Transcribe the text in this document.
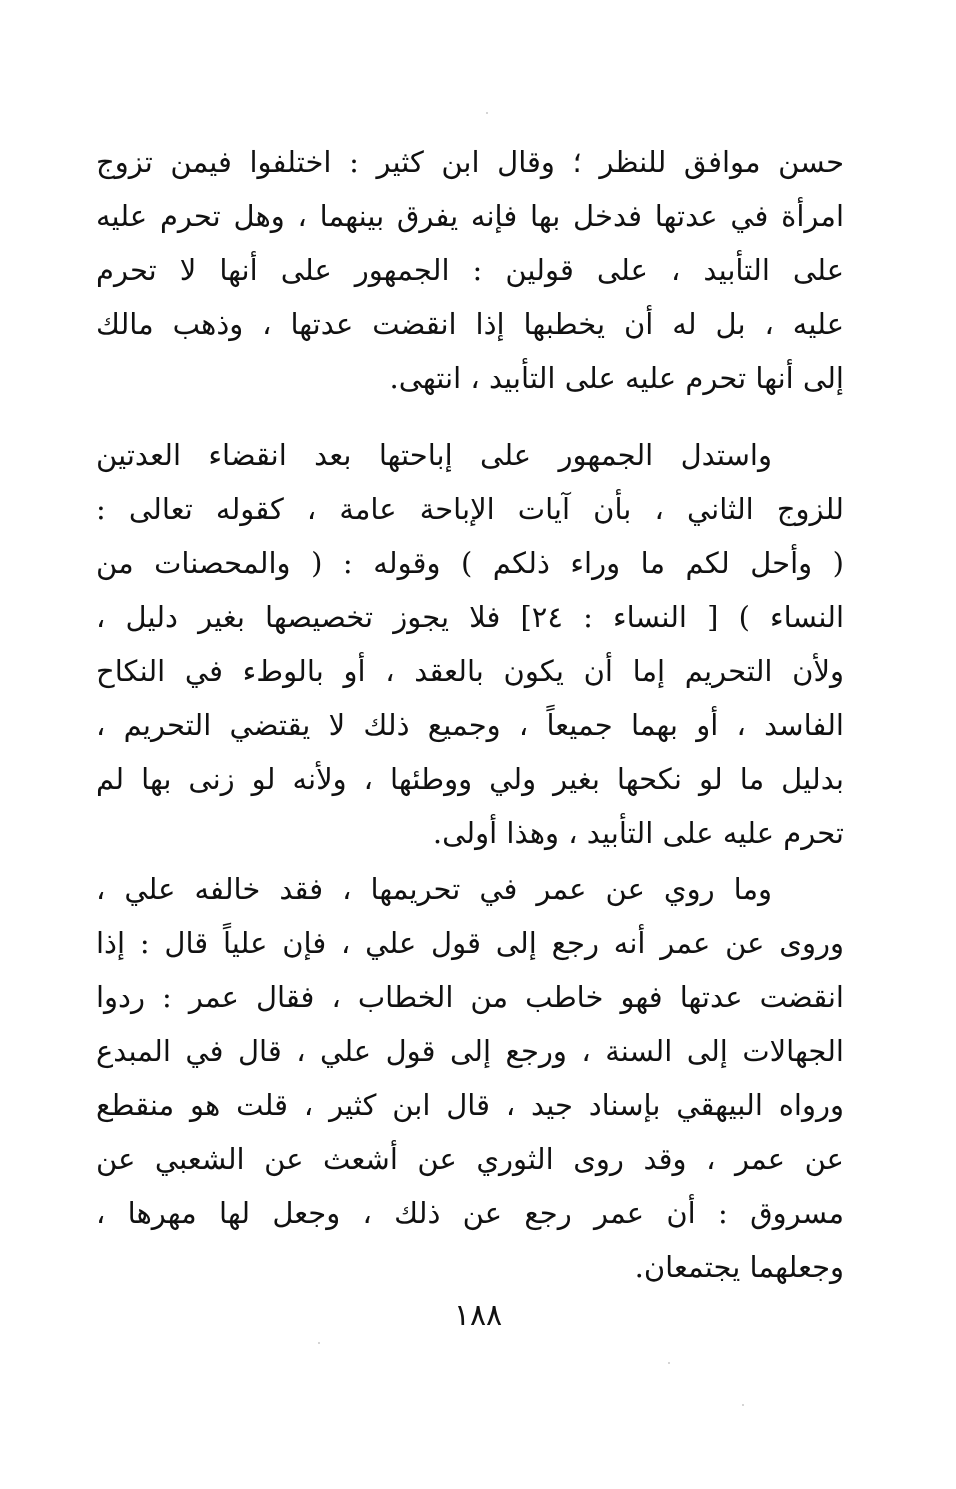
حسن موافق للنظر ؛ وقال ابن كثير : اختلفوا فيمن تزوج
امرأة في عدتها فدخل بها فإنه يفرق بينهما ، وهل تحرم عليه
على التأبيد ، على قولين : الجمهور على أنها لا تحرم
عليه ، بل له أن يخطبها إذا انقضت عدتها ، وذهب مالك
إلى أنها تحرم عليه على التأبيد ، انتهى.
واستدل الجمهور على إباحتها بعد انقضاء العدتين
للزوج الثاني ، بأن آيات الإباحة عامة ، كقوله تعالى :
( وأحل لكم ما وراء ذلكم ) وقوله : ( والمحصنات من
النساء ) [ النساء : ٢٤] فلا يجوز تخصيصها بغير دليل ،
ولأن التحريم إما أن يكون بالعقد ، أو بالوطء في النكاح
الفاسد ، أو بهما جميعاً ، وجميع ذلك لا يقتضي التحريم ،
بدليل ما لو نكحها بغير ولي ووطئها ، ولأنه لو زنى بها لم
تحرم عليه على التأبيد ، وهذا أولى.
وما روي عن عمر في تحريمها ، فقد خالفه علي ،
وروى عن عمر أنه رجع إلى قول علي ، فإن علياً قال : إذا
انقضت عدتها فهو خاطب من الخطاب ، فقال عمر : ردوا
الجهالات إلى السنة ، ورجع إلى قول علي ، قال في المبدع
ورواه البيهقي بإسناد جيد ، قال ابن كثير ، قلت هو منقطع
عن عمر ، وقد روى الثوري عن أشعث عن الشعبي عن
مسروق : أن عمر رجع عن ذلك ، وجعل لها مهرها ،
وجعلهما يجتمعان.
١٨٨
